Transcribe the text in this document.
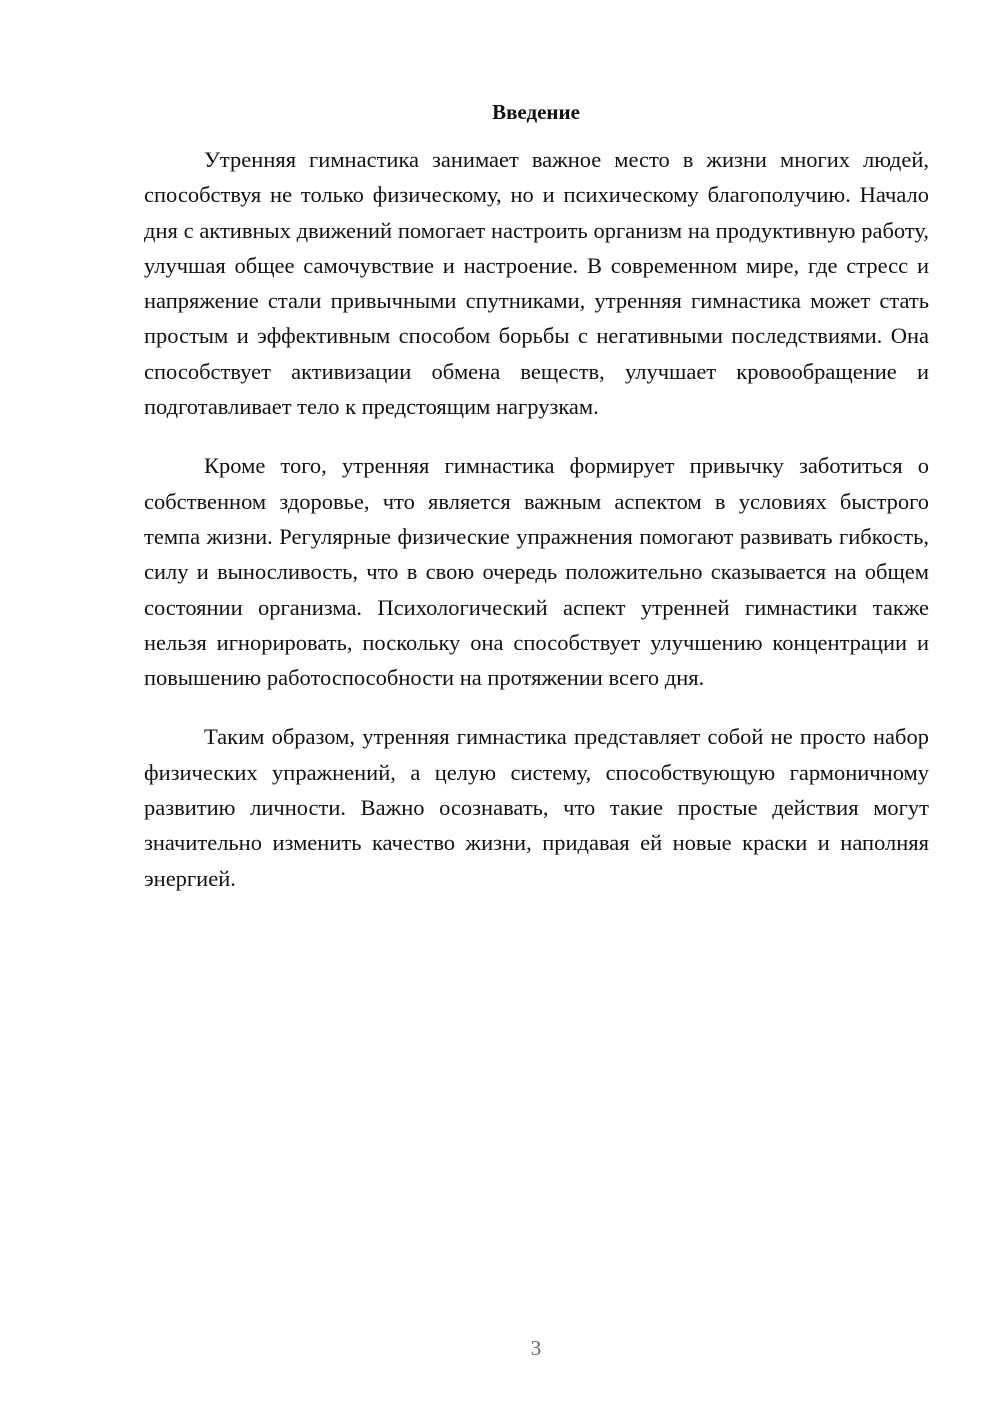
Введение

Утренняя гимнастика занимает важное место в жизни многих людей, способствуя не только физическому, но и психическому благополучию. Начало дня с активных движений помогает настроить организм на продуктивную работу, улучшая общее самочувствие и настроение. В современном мире, где стресс и напряжение стали привычными спутниками, утренняя гимнастика может стать простым и эффективным способом борьбы с негативными последствиями. Она способствует активизации обмена веществ, улучшает кровообращение и подготавливает тело к предстоящим нагрузкам.

Кроме того, утренняя гимнастика формирует привычку заботиться о собственном здоровье, что является важным аспектом в условиях быстрого темпа жизни. Регулярные физические упражнения помогают развивать гибкость, силу и выносливость, что в свою очередь положительно сказывается на общем состоянии организма. Психологический аспект утренней гимнастики также нельзя игнорировать, поскольку она способствует улучшению концентрации и повышению работоспособности на протяжении всего дня.

Таким образом, утренняя гимнастика представляет собой не просто набор физических упражнений, а целую систему, способствующую гармоничному развитию личности. Важно осознавать, что такие простые действия могут значительно изменить качество жизни, придавая ей новые краски и наполняя энергией.

3
